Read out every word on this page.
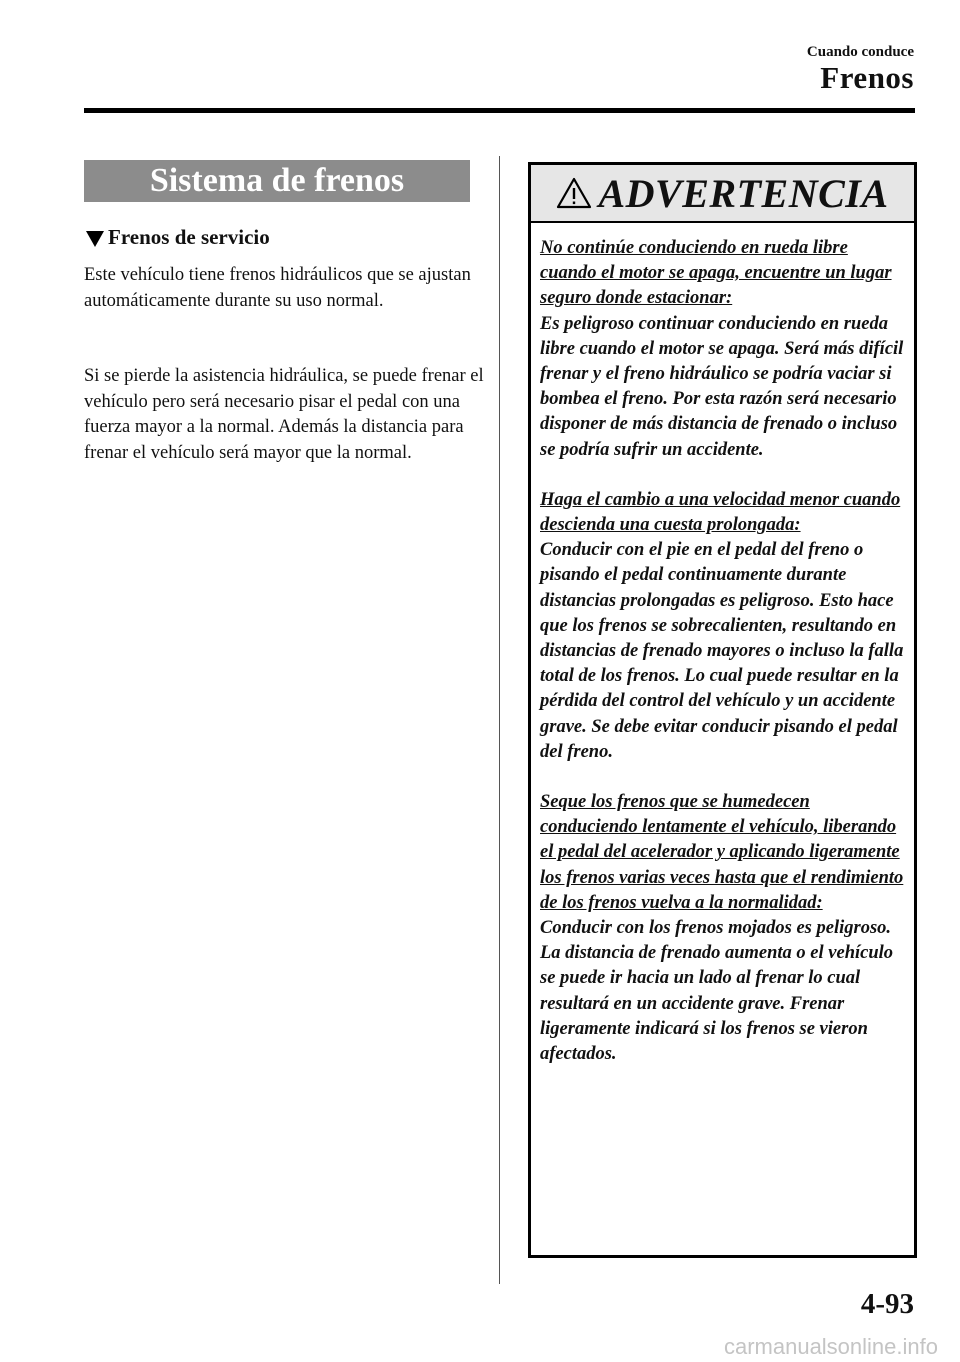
Cuando conduce
Frenos
Sistema de frenos
Frenos de servicio

Este vehículo tiene frenos hidráulicos que se ajustan automáticamente durante su uso normal.

Si se pierde la asistencia hidráulica, se puede frenar el vehículo pero será necesario pisar el pedal con una fuerza mayor a la normal. Además la distancia para frenar el vehículo será mayor que la normal.

ADVERTENCIA
No continúe conduciendo en rueda libre cuando el motor se apaga, encuentre un lugar seguro donde estacionar:
Es peligroso continuar conduciendo en rueda libre cuando el motor se apaga. Será más difícil frenar y el freno hidráulico se podría vaciar si bombea el freno. Por esta razón será necesario disponer de más distancia de frenado o incluso se podría sufrir un accidente.
Haga el cambio a una velocidad menor cuando descienda una cuesta prolongada:
Conducir con el pie en el pedal del freno o pisando el pedal continuamente durante distancias prolongadas es peligroso. Esto hace que los frenos se sobrecalienten, resultando en distancias de frenado mayores o incluso la falla total de los frenos. Lo cual puede resultar en la pérdida del control del vehículo y un accidente grave. Se debe evitar conducir pisando el pedal del freno.
Seque los frenos que se humedecen conduciendo lentamente el vehículo, liberando el pedal del acelerador y aplicando ligeramente los frenos varias veces hasta que el rendimiento de los frenos vuelva a la normalidad:
Conducir con los frenos mojados es peligroso. La distancia de frenado aumenta o el vehículo se puede ir hacia un lado al frenar lo cual resultará en un accidente grave. Frenar ligeramente indicará si los frenos se vieron afectados.
4-93
carmanualsonline.info
